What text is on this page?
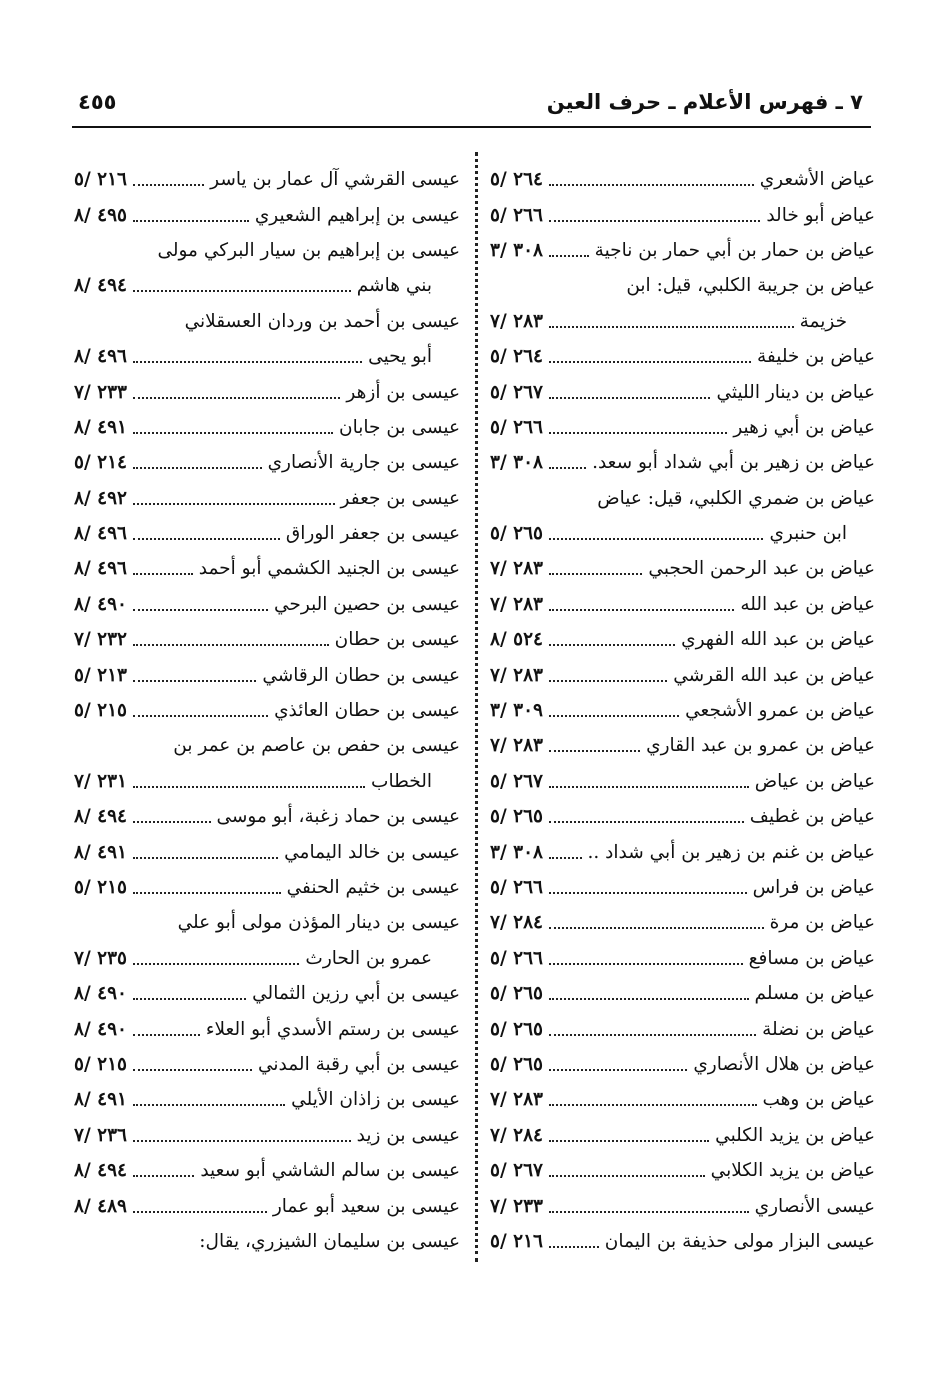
٧ ـ فهرس الأعلام ـ حرف العين
٤٥٥
عياض الأشعري
٢٦٤ /٥
عياض أبو خالد
٢٦٦ /٥
عياض بن حمار بن أبي حمار بن ناجية
٣٠٨ /٣
عياض بن جريبة الكلبي، قيل: ابن
خزيمة
٢٨٣ /٧
عياض بن خليفة
٢٦٤ /٥
عياض بن دينار الليثي
٢٦٧ /٥
عياض بن أبي زهير
٢٦٦ /٥
عياض بن زهير بن أبي شداد أبو سعد.
٣٠٨ /٣
عياض بن ضمري الكلبي، قيل: عياض
ابن حنبري
٢٦٥ /٥
عياض بن عبد الرحمن الحجبي
٢٨٣ /٧
عياض بن عبد الله
٢٨٣ /٧
عياض بن عبد الله الفهري
٥٢٤ /٨
عياض بن عبد الله القرشي
٢٨٣ /٧
عياض بن عمرو الأشجعي
٣٠٩ /٣
عياض بن عمرو بن عبد القاري
٢٨٣ /٧
عياض بن عياض
٢٦٧ /٥
عياض بن غطيف
٢٦٥ /٥
عياض بن غنم بن زهير بن أبي شداد ..
٣٠٨ /٣
عياض بن فراس
٢٦٦ /٥
عياض بن مرة
٢٨٤ /٧
عياض بن مسافع
٢٦٦ /٥
عياض بن مسلم
٢٦٥ /٥
عياض بن نضلة
٢٦٥ /٥
عياض بن هلال الأنصاري
٢٦٥ /٥
عياض بن وهب
٢٨٣ /٧
عياض بن يزيد الكلبي
٢٨٤ /٧
عياض بن يزيد الكلابي
٢٦٧ /٥
عيسى الأنصاري
٢٣٣ /٧
عيسى البزار مولى حذيفة بن اليمان
٢١٦ /٥
عيسى القرشي آل عمار بن ياسر
٢١٦ /٥
عيسى بن إبراهيم الشعيري
٤٩٥ /٨
عيسى بن إبراهيم بن سيار البركي مولى
بني هاشم
٤٩٤ /٨
عيسى بن أحمد بن وردان العسقلاني
أبو يحيى
٤٩٦ /٨
عيسى بن أزهر
٢٣٣ /٧
عيسى بن جابان
٤٩١ /٨
عيسى بن جارية الأنصاري
٢١٤ /٥
عيسى بن جعفر
٤٩٢ /٨
عيسى بن جعفر الوراق
٤٩٦ /٨
عيسى بن الجنيد الكشمي أبو أحمد
٤٩٦ /٨
عيسى بن حصين البرحي
٤٩٠ /٨
عيسى بن حطان
٢٣٢ /٧
عيسى بن حطان الرقاشي
٢١٣ /٥
عيسى بن حطان العائذي
٢١٥ /٥
عيسى بن حفص بن عاصم بن عمر بن
الخطاب
٢٣١ /٧
عيسى بن حماد زغبة، أبو موسى
٤٩٤ /٨
عيسى بن خالد اليمامي
٤٩١ /٨
عيسى بن خثيم الحنفي
٢١٥ /٥
عيسى بن دينار المؤذن مولى أبو علي
عمرو بن الحارث
٢٣٥ /٧
عيسى بن أبي رزين الثمالي
٤٩٠ /٨
عيسى بن رستم الأسدي أبو العلاء
٤٩٠ /٨
عيسى بن أبي رقبة المدني
٢١٥ /٥
عيسى بن زاذان الأيلي
٤٩١ /٨
عيسى بن زيد
٢٣٦ /٧
عيسى بن سالم الشاشي أبو سعيد
٤٩٤ /٨
عيسى بن سعيد أبو عمار
٤٨٩ /٨
عيسى بن سليمان الشيزري، يقال:
